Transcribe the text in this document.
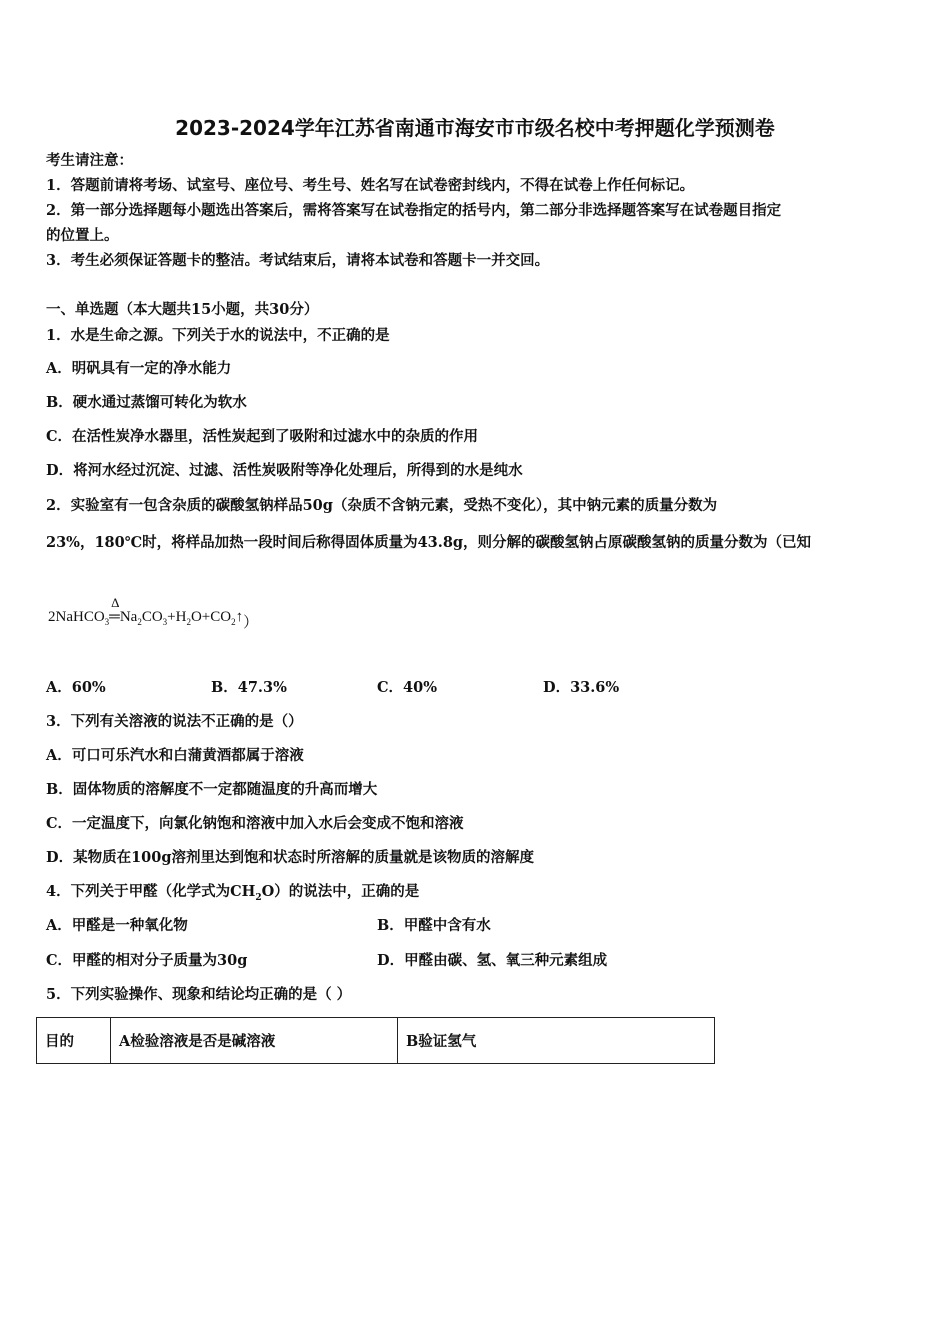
2023-2024学年江苏省南通市海安市市级名校中考押题化学预测卷
考生请注意：
1．答题前请将考场、试室号、座位号、考生号、姓名写在试卷密封线内，不得在试卷上作任何标记。
2．第一部分选择题每小题选出答案后，需将答案写在试卷指定的括号内，第二部分非选择题答案写在试卷题目指定
的位置上。
3．考生必须保证答题卡的整洁。考试结束后，请将本试卷和答题卡一并交回。
一、单选题（本大题共15小题，共30分）
1．水是生命之源。下列关于水的说法中，不正确的是
A．明矾具有一定的净水能力
B．硬水通过蒸馏可转化为软水
C．在活性炭净水器里，活性炭起到了吸附和过滤水中的杂质的作用
D．将河水经过沉淀、过滤、活性炭吸附等净化处理后，所得到的水是纯水
2．实验室有一包含杂质的碳酸氢钠样品50g（杂质不含钠元素，受热不变化），其中钠元素的质量分数为
23%，180℃时，将样品加热一段时间后称得固体质量为43.8g，则分解的碳酸氢钠占原碳酸氢钠的质量分数为（已知
2NaHCO$_3$
Δ
$═Na_2CO_3+H_2O+CO_2↑$）
A．60%	B．47.3%	C．40%	D．33.6%
3．下列有关溶液的说法不正确的是（）
A．可口可乐汽水和白蒲黄酒都属于溶液
B．固体物质的溶解度不一定都随温度的升高而增大
C．一定温度下，向氯化钠饱和溶液中加入水后会变成不饱和溶液
D．某物质在100g溶剂里达到饱和状态时所溶解的质量就是该物质的溶解度
4．下列关于甲醛（化学式为$CH_2O$）的说法中，正确的是
A．甲醛是一种氧化物	B．甲醛中含有水
C．甲醛的相对分子质量为30g	D．甲醛由碳、氢、氧三种元素组成
5．下列实验操作、现象和结论均正确的是（ ）
目的	A检验溶液是否是碱溶液	B验证氢气
